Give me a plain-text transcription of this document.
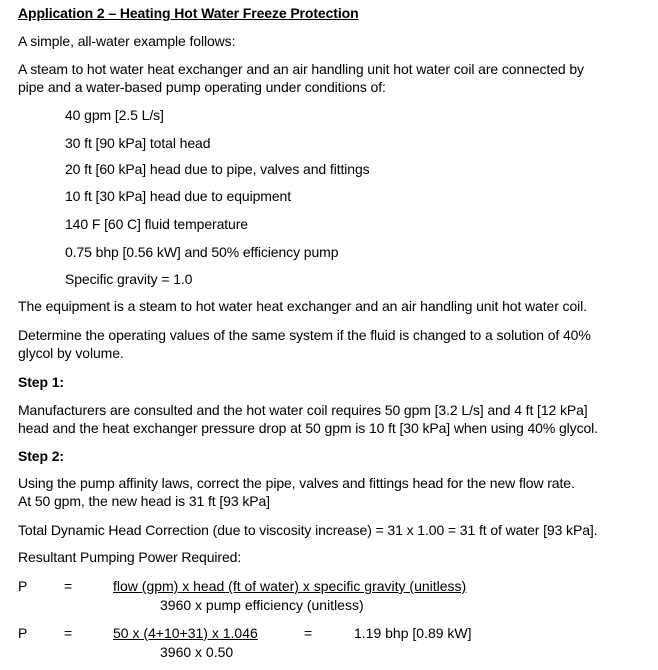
Application 2 – Heating Hot Water Freeze Protection
A simple, all-water example follows:
A steam to hot water heat exchanger and an air handling unit hot water coil are connected by
pipe and a water-based pump operating under conditions of:
40 gpm [2.5 L/s]
30 ft [90 kPa] total head
20 ft [60 kPa] head due to pipe, valves and fittings
10 ft [30 kPa] head due to equipment
140 F [60 C] fluid temperature
0.75 bhp [0.56 kW] and 50% efficiency pump
Specific gravity = 1.0
The equipment is a steam to hot water heat exchanger and an air handling unit hot water coil.
Determine the operating values of the same system if the fluid is changed to a solution of 40%
glycol by volume.
Step 1:
Manufacturers are consulted and the hot water coil requires 50 gpm [3.2 L/s] and 4 ft [12 kPa]
head and the heat exchanger pressure drop at 50 gpm is 10 ft [30 kPa] when using 40% glycol.
Step 2:
Using the pump affinity laws, correct the pipe, valves and fittings head for the new flow rate.
At 50 gpm, the new head is 31 ft [93 kPa]
Total Dynamic Head Correction (due to viscosity increase) = 31 x 1.00 = 31 ft of water [93 kPa].
Resultant Pumping Power Required:
P	=	flow (gpm) x head (ft of water) x specific gravity (unitless)
3960 x pump efficiency (unitless)
P	=	50 x (4+10+31) x 1.046	=	1.19 bhp [0.89 kW]
3960 x 0.50
